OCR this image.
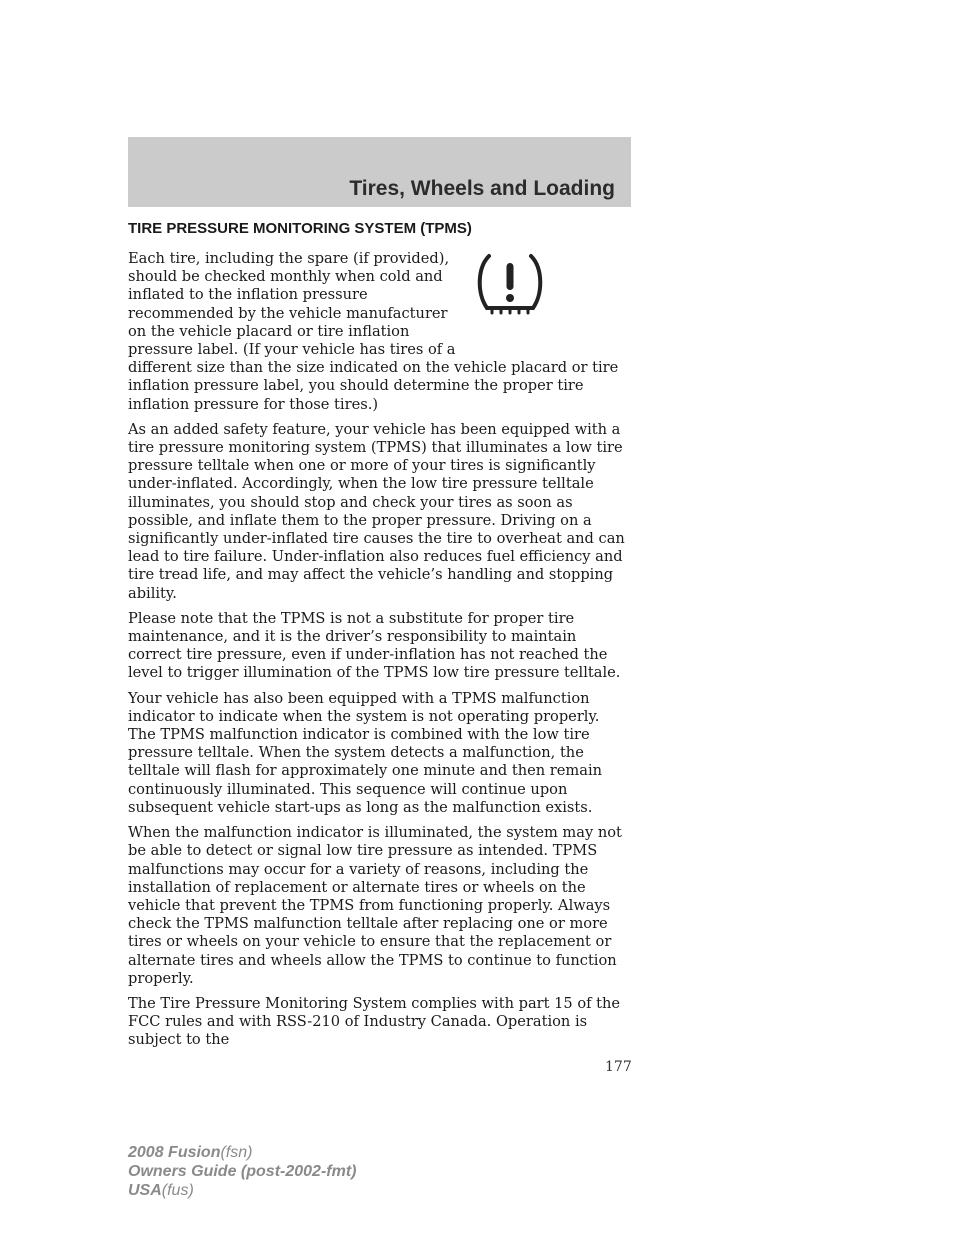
Tires, Wheels and Loading
TIRE PRESSURE MONITORING SYSTEM (TPMS)

Each tire, including the spare (if provided), should be checked monthly when cold and inflated to the inflation pressure recommended by the vehicle manufacturer on the vehicle placard or tire inflation pressure label. (If your vehicle has tires of a different size than the size indicated on the vehicle placard or tire inflation pressure label, you should determine the proper tire inflation pressure for those tires.)

As an added safety feature, your vehicle has been equipped with a tire pressure monitoring system (TPMS) that illuminates a low tire pressure telltale when one or more of your tires is significantly under-inflated. Accordingly, when the low tire pressure telltale illuminates, you should stop and check your tires as soon as possible, and inflate them to the proper pressure. Driving on a significantly under-inflated tire causes the tire to overheat and can lead to tire failure. Under-inflation also reduces fuel efficiency and tire tread life, and may affect the vehicle’s handling and stopping ability.

Please note that the TPMS is not a substitute for proper tire maintenance, and it is the driver’s responsibility to maintain correct tire pressure, even if under-inflation has not reached the level to trigger illumination of the TPMS low tire pressure telltale.

Your vehicle has also been equipped with a TPMS malfunction indicator to indicate when the system is not operating properly. The TPMS malfunction indicator is combined with the low tire pressure telltale. When the system detects a malfunction, the telltale will flash for approximately one minute and then remain continuously illuminated. This sequence will continue upon subsequent vehicle start-ups as long as the malfunction exists.

When the malfunction indicator is illuminated, the system may not be able to detect or signal low tire pressure as intended. TPMS malfunctions may occur for a variety of reasons, including the installation of replacement or alternate tires or wheels on the vehicle that prevent the TPMS from functioning properly. Always check the TPMS malfunction telltale after replacing one or more tires or wheels on your vehicle to ensure that the replacement or alternate tires and wheels allow the TPMS to continue to function properly.

The Tire Pressure Monitoring System complies with part 15 of the FCC rules and with RSS-210 of Industry Canada. Operation is subject to the

177
2008 Fusion(fsn)
Owners Guide (post-2002-fmt)
USA(fus)
